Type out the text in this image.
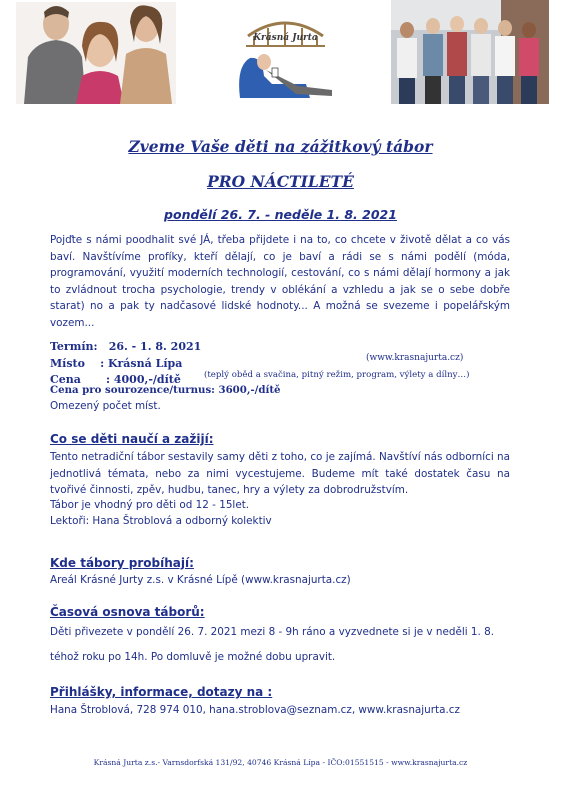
Krásná Jurta
Zveme Vaše děti na zážitkový tábor
PRO NÁCTILETÉ
pondělí 26. 7. - neděle 1. 8. 2021
Pojďte s námi poodhalit své JÁ, třeba přijdete i na to, co chcete v životě dělat a co vás baví. Navštívíme profíky, kteří dělají, co je baví a rádi se s námi podělí (móda, programování, využití moderních technologií, cestování, co s námi dělají hormony a jak to zvládnout trocha psychologie, trendy v oblékání a vzhledu a jak se o sebe dobře starat) no a pak ty nadčasové lidské hodnoty... A možná se svezeme i popelářským vozem...
Termín: 26. - 1. 8. 2021
Místo : Krásná Lípa	(www.krasnajurta.cz)
Cena : 4000,-/dítě	(teplý oběd a svačina, pitný režim, program, výlety a dílny…)
Cena pro sourozence/turnus: 3600,-/dítě
Omezený počet míst.
Co se děti naučí a zažijí:
Tento netradiční tábor sestavily samy děti z toho, co je zajímá. Navštíví nás odborníci na jednotlivá témata, nebo za nimi vycestujeme. Budeme mít také dostatek času na tvořivé činnosti, zpěv, hudbu, tanec, hry a výlety za dobrodružstvím.
Tábor je vhodný pro děti od 12 - 15let.
Lektoři: Hana Štroblová a odborný kolektiv
Kde tábory probíhají:
Areál Krásné Jurty z.s. v Krásné Lípě (www.krasnajurta.cz)
Časová osnova táborů:
Děti přivezete v pondělí 26. 7. 2021 mezi 8 - 9h ráno a vyzvednete si je v neděli 1. 8.
téhož roku po 14h. Po domluvě je možné dobu upravit.
Přihlášky, informace, dotazy na :
Hana Štroblová, 728 974 010, hana.stroblova@seznam.cz, www.krasnajurta.cz
Krásná Jurta z.s.- Varnsdorfská 131/92, 40746 Krásná Lípa - IČO:01551515 - www.krasnajurta.cz
